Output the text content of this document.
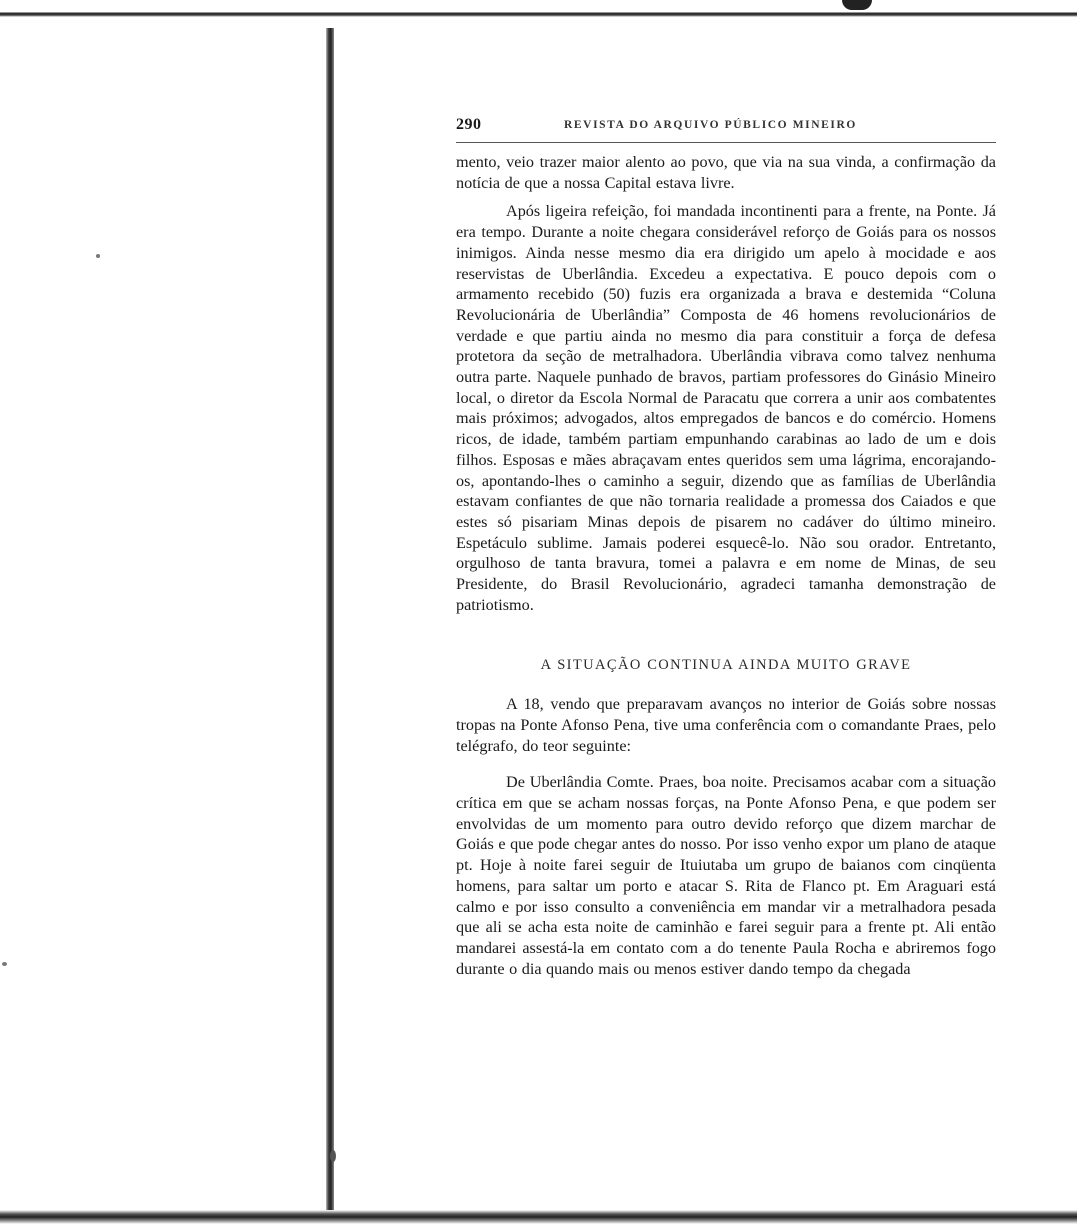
290	REVISTA DO ARQUIVO PÚBLICO MINEIRO

mento, veio trazer maior alento ao povo, que via na sua vinda, a confirmação da notícia de que a nossa Capital estava livre.

Após ligeira refeição, foi mandada incontinenti para a frente, na Ponte. Já era tempo. Durante a noite chegara considerável reforço de Goiás para os nossos inimigos. Ainda nesse mesmo dia era dirigido um apelo à mocidade e aos reservistas de Uberlândia. Excedeu a expectativa. E pouco depois com o armamento recebido (50) fuzis era organizada a brava e destemida “Coluna Revolucionária de Uberlândia” Composta de 46 homens revolucionários de verdade e que partiu ainda no mesmo dia para constituir a força de defesa protetora da seção de metralhadora. Uberlândia vibrava como talvez nenhuma outra parte. Naquele punhado de bravos, partiam professores do Ginásio Mineiro local, o diretor da Escola Normal de Paracatu que correra a unir aos combatentes mais próximos; advogados, altos empregados de bancos e do comércio. Homens ricos, de idade, também partiam empunhando carabinas ao lado de um e dois filhos. Esposas e mães abraçavam entes queridos sem uma lágrima, encorajando-os, apontando-lhes o caminho a seguir, dizendo que as famílias de Uberlândia estavam confiantes de que não tornaria realidade a promessa dos Caiados e que estes só pisariam Minas depois de pisarem no cadáver do último mineiro. Espetáculo sublime. Jamais poderei esquecê-lo. Não sou orador. Entretanto, orgulhoso de tanta bravura, tomei a palavra e em nome de Minas, de seu Presidente, do Brasil Revolucionário, agradeci tamanha demonstração de patriotismo.

A SITUAÇÃO CONTINUA AINDA MUITO GRAVE

A 18, vendo que preparavam avanços no interior de Goiás sobre nossas tropas na Ponte Afonso Pena, tive uma conferência com o comandante Praes, pelo telégrafo, do teor seguinte:

De Uberlândia Comte. Praes, boa noite. Precisamos acabar com a situação crítica em que se acham nossas forças, na Ponte Afonso Pena, e que podem ser envolvidas de um momento para outro devido reforço que dizem marchar de Goiás e que pode chegar antes do nosso. Por isso venho expor um plano de ataque pt. Hoje à noite farei seguir de Ituiutaba um grupo de baianos com cinqüenta homens, para saltar um porto e atacar S. Rita de Flanco pt. Em Araguari está calmo e por isso consulto a conveniência em mandar vir a metralhadora pesada que ali se acha esta noite de caminhão e farei seguir para a frente pt. Ali então mandarei assestá-la em contato com a do tenente Paula Rocha e abriremos fogo durante o dia quando mais ou menos estiver dando tempo da chegada
